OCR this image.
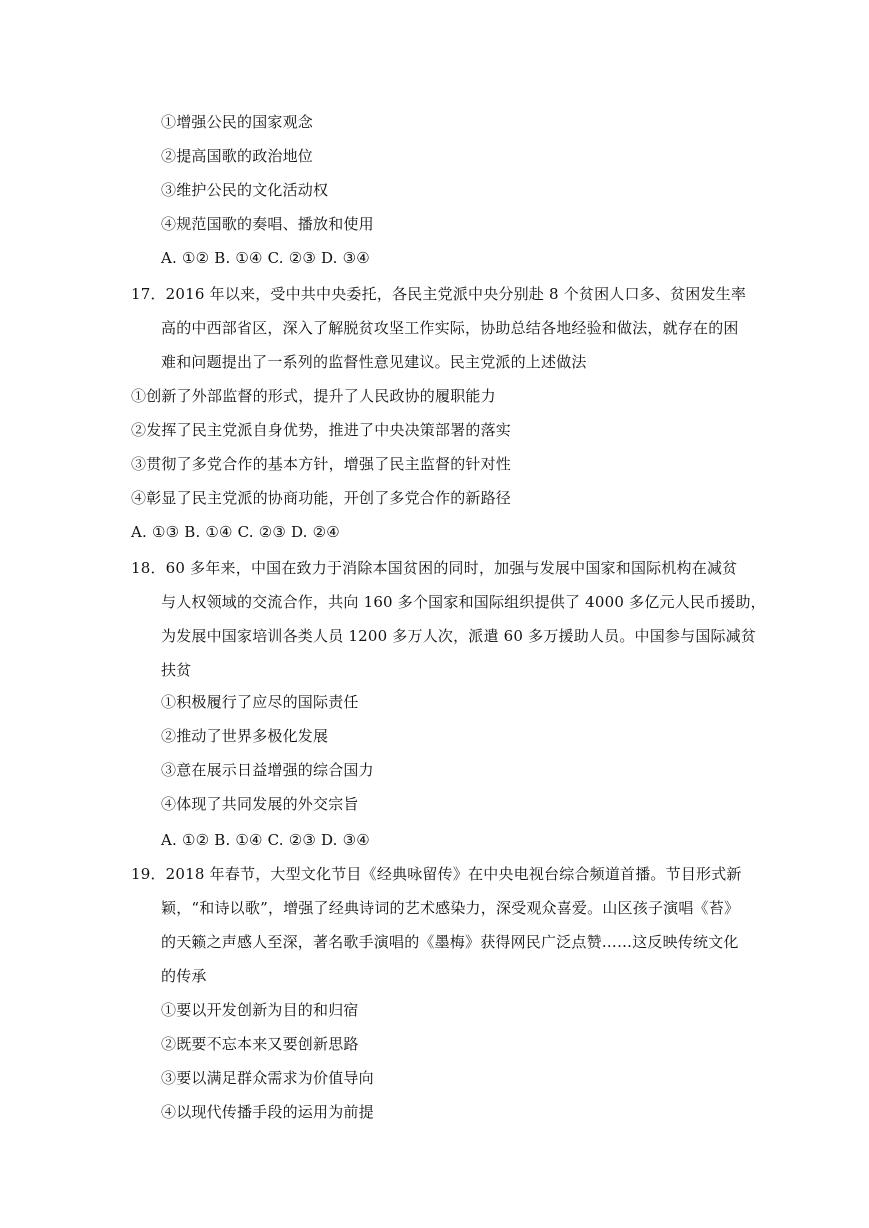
①增强公民的国家观念
②提高国歌的政治地位
③维护公民的文化活动权
④规范国歌的奏唱、播放和使用
A. ①② B. ①④ C. ②③ D. ③④
17．2016 年以来，受中共中央委托，各民主党派中央分别赴 8 个贫困人口多、贫困发生率
高的中西部省区，深入了解脱贫攻坚工作实际，协助总结各地经验和做法，就存在的困
难和问题提出了一系列的监督性意见建议。民主党派的上述做法
①创新了外部监督的形式，提升了人民政协的履职能力
②发挥了民主党派自身优势，推进了中央决策部署的落实
③贯彻了多党合作的基本方针，增强了民主监督的针对性
④彰显了民主党派的协商功能，开创了多党合作的新路径
A. ①③ B. ①④ C. ②③ D. ②④
18．60 多年来，中国在致力于消除本国贫困的同时，加强与发展中国家和国际机构在减贫
与人权领域的交流合作，共向 160 多个国家和国际组织提供了 4000 多亿元人民币援助，
为发展中国家培训各类人员 1200 多万人次，派遣 60 多万援助人员。中国参与国际减贫
扶贫
①积极履行了应尽的国际责任
②推动了世界多极化发展
③意在展示日益增强的综合国力
④体现了共同发展的外交宗旨
A. ①② B. ①④ C. ②③ D. ③④
19．2018 年春节，大型文化节目《经典咏留传》在中央电视台综合频道首播。节目形式新
颖，“和诗以歌”，增强了经典诗词的艺术感染力，深受观众喜爱。山区孩子演唱《苔》
的天籁之声感人至深，著名歌手演唱的《墨梅》获得网民广泛点赞……这反映传统文化
的传承
①要以开发创新为目的和归宿
②既要不忘本来又要创新思路
③要以满足群众需求为价值导向
④以现代传播手段的运用为前提
